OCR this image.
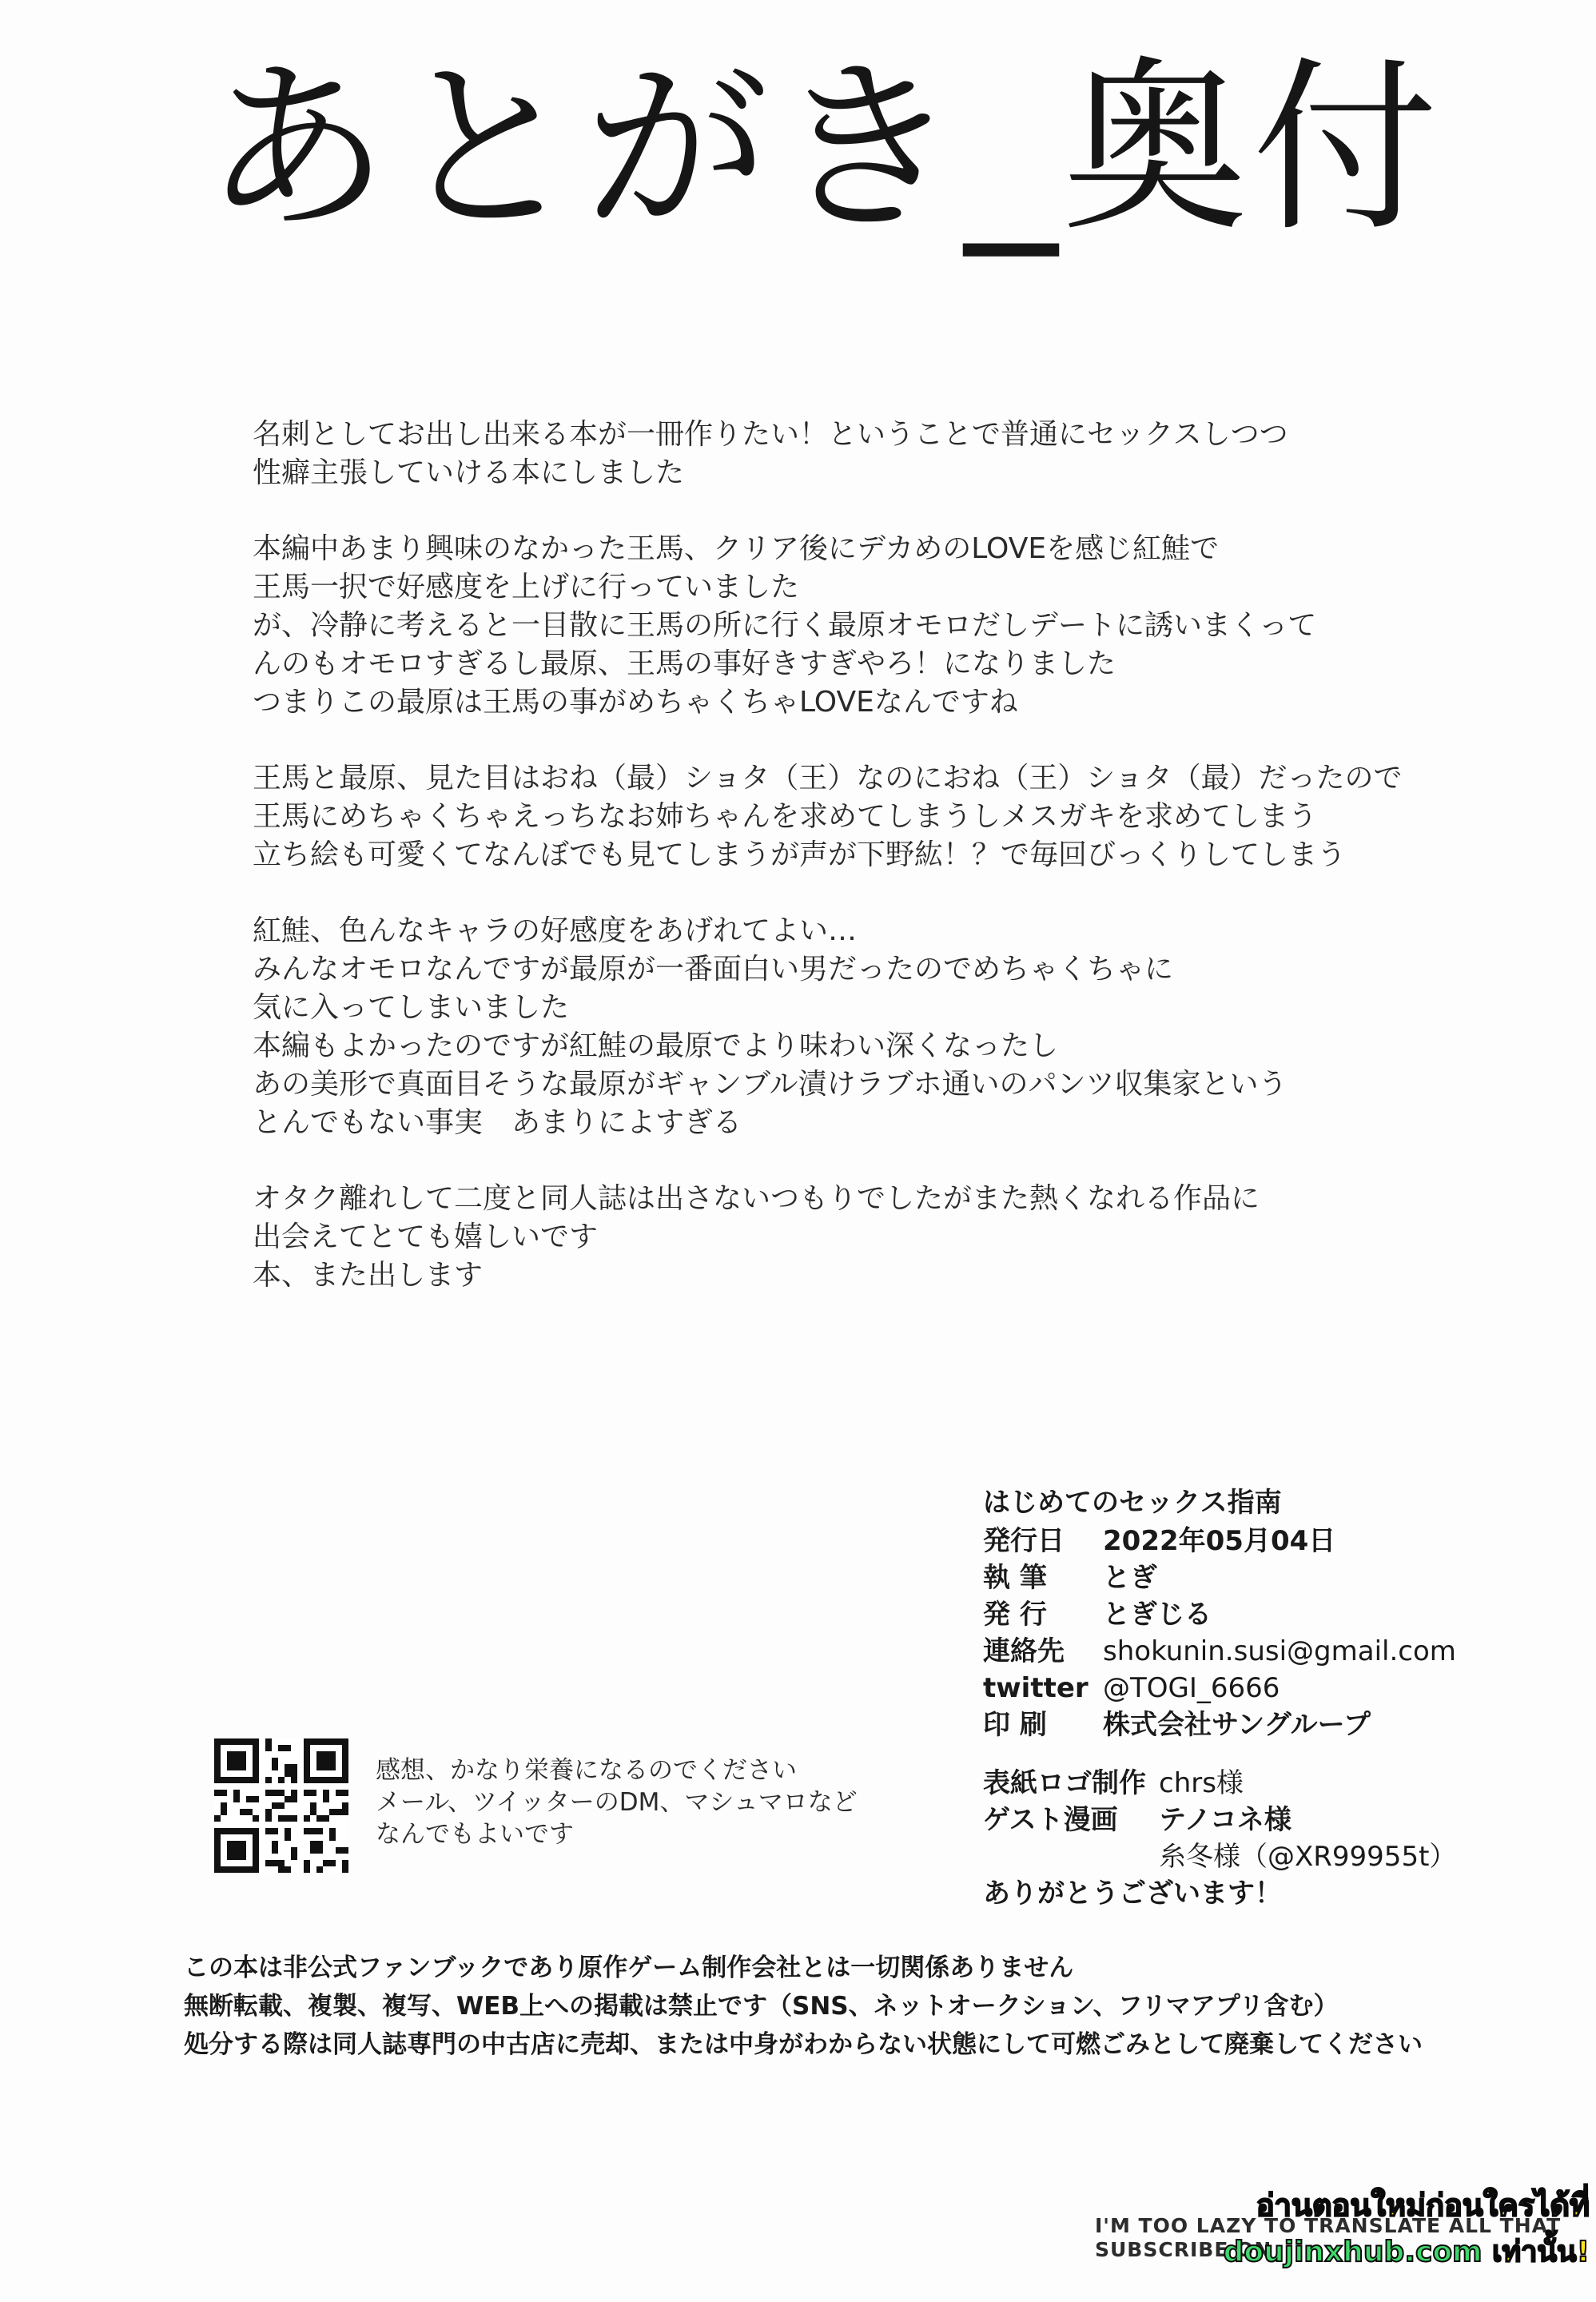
あとがき_奥付
名刺としてお出し出来る本が一冊作りたい！ということで普通にセックスしつつ
性癖主張していける本にしました
本編中あまり興味のなかった王馬、クリア後にデカめのLOVEを感じ紅鮭で
王馬一択で好感度を上げに行っていました
が、冷静に考えると一目散に王馬の所に行く最原オモロだしデートに誘いまくって
んのもオモロすぎるし最原、王馬の事好きすぎやろ！になりました
つまりこの最原は王馬の事がめちゃくちゃLOVEなんですね
王馬と最原、見た目はおね（最）ショタ（王）なのにおね（王）ショタ（最）だったので
王馬にめちゃくちゃえっちなお姉ちゃんを求めてしまうしメスガキを求めてしまう
立ち絵も可愛くてなんぼでも見てしまうが声が下野紘！？で毎回びっくりしてしまう
紅鮭、色んなキャラの好感度をあげれてよい…
みんなオモロなんですが最原が一番面白い男だったのでめちゃくちゃに
気に入ってしまいました
本編もよかったのですが紅鮭の最原でより味わい深くなったし
あの美形で真面目そうな最原がギャンブル漬けラブホ通いのパンツ収集家という
とんでもない事実　あまりによすぎる
オタク離れして二度と同人誌は出さないつもりでしたがまた熱くなれる作品に
出会えてとても嬉しいです
本、また出します
はじめてのセックス指南
発行日	2022年05月04日
執 筆	とぎ
発 行	とぎじる
連絡先	shokunin.susi@gmail.com
twitter @TOGI_6666
印 刷	株式会社サングループ
表紙ロゴ制作 chrs様
ゲスト漫画	テノコネ様
糸冬様（@XR99955t）
ありがとうございます！
感想、かなり栄養になるのでください
メール、ツイッターのDM、マシュマロなど
なんでもよいです
この本は非公式ファンブックであり原作ゲーム制作会社とは一切関係ありません
無断転載、複製、複写、WEB上への掲載は禁止です（SNS、ネットオークション、フリマアプリ含む）
処分する際は同人誌専門の中古店に売却、または中身がわからない状態にして可燃ごみとして廃棄してください
I'M TOO LAZY TO TRANSLATE ALL THAT
SUBSCRIBE ON
อ่านตอนใหม่ก่อนใครได้ที่
doujinxhub.com เท่านั้น!
